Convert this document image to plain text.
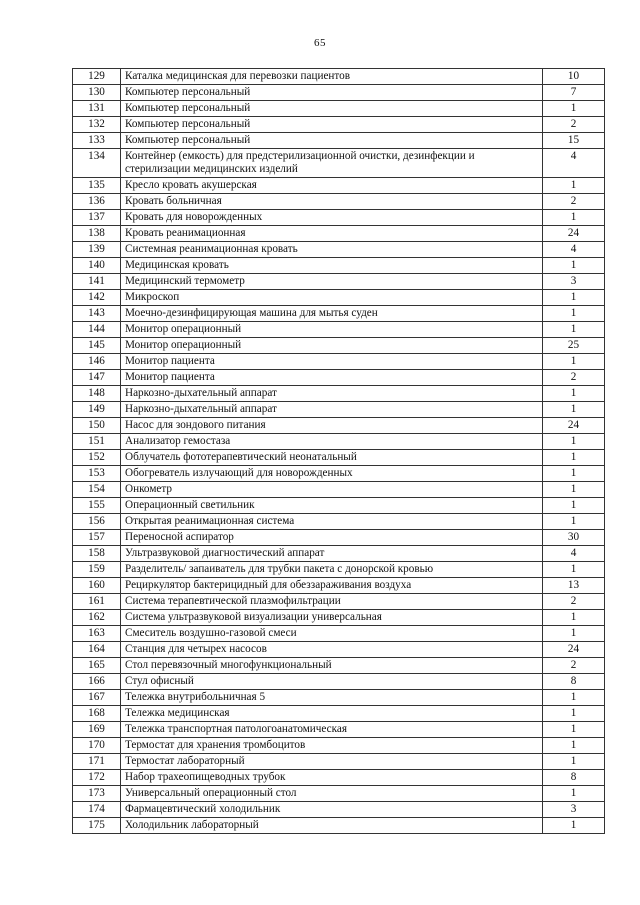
65
129	Каталка медицинская для перевозки пациентов	10
130	Компьютер персональный	7
131	Компьютер персональный	1
132	Компьютер персональный	2
133	Компьютер персональный	15
134	Контейнер (емкость) для предстерилизационной очистки, дезинфекции и стерилизации медицинских изделий	4
135	Кресло кровать акушерская	1
136	Кровать больничная	2
137	Кровать для новорожденных	1
138	Кровать реанимационная	24
139	Системная реанимационная кровать	4
140	Медицинская кровать	1
141	Медицинский термометр	3
142	Микроскоп	1
143	Моечно-дезинфицирующая машина для мытья суден	1
144	Монитор операционный	1
145	Монитор операционный	25
146	Монитор пациента	1
147	Монитор пациента	2
148	Наркозно-дыхательный аппарат	1
149	Наркозно-дыхательный аппарат	1
150	Насос для зондового питания	24
151	Анализатор гемостаза	1
152	Облучатель фототерапевтический неонатальный	1
153	Обогреватель излучающий для новорожденных	1
154	Онкометр	1
155	Операционный светильник	1
156	Открытая реанимационная система	1
157	Переносной аспиратор	30
158	Ультразвуковой диагностический аппарат	4
159	Разделитель/ запаиватель для трубки пакета с донорской кровью	1
160	Рециркулятор бактерицидный для обеззараживания воздуха	13
161	Система терапевтической плазмофильтрации	2
162	Система ультразвуковой визуализации универсальная	1
163	Смеситель воздушно-газовой смеси	1
164	Станция для четырех насосов	24
165	Стол перевязочный многофункциональный	2
166	Стул офисный	8
167	Тележка внутрибольничная 5	1
168	Тележка медицинская	1
169	Тележка транспортная патологоанатомическая	1
170	Термостат для хранения тромбоцитов	1
171	Термостат лабораторный	1
172	Набор трахеопищеводных трубок	8
173	Универсальный операционный стол	1
174	Фармацевтический холодильник	3
175	Холодильник лабораторный	1
